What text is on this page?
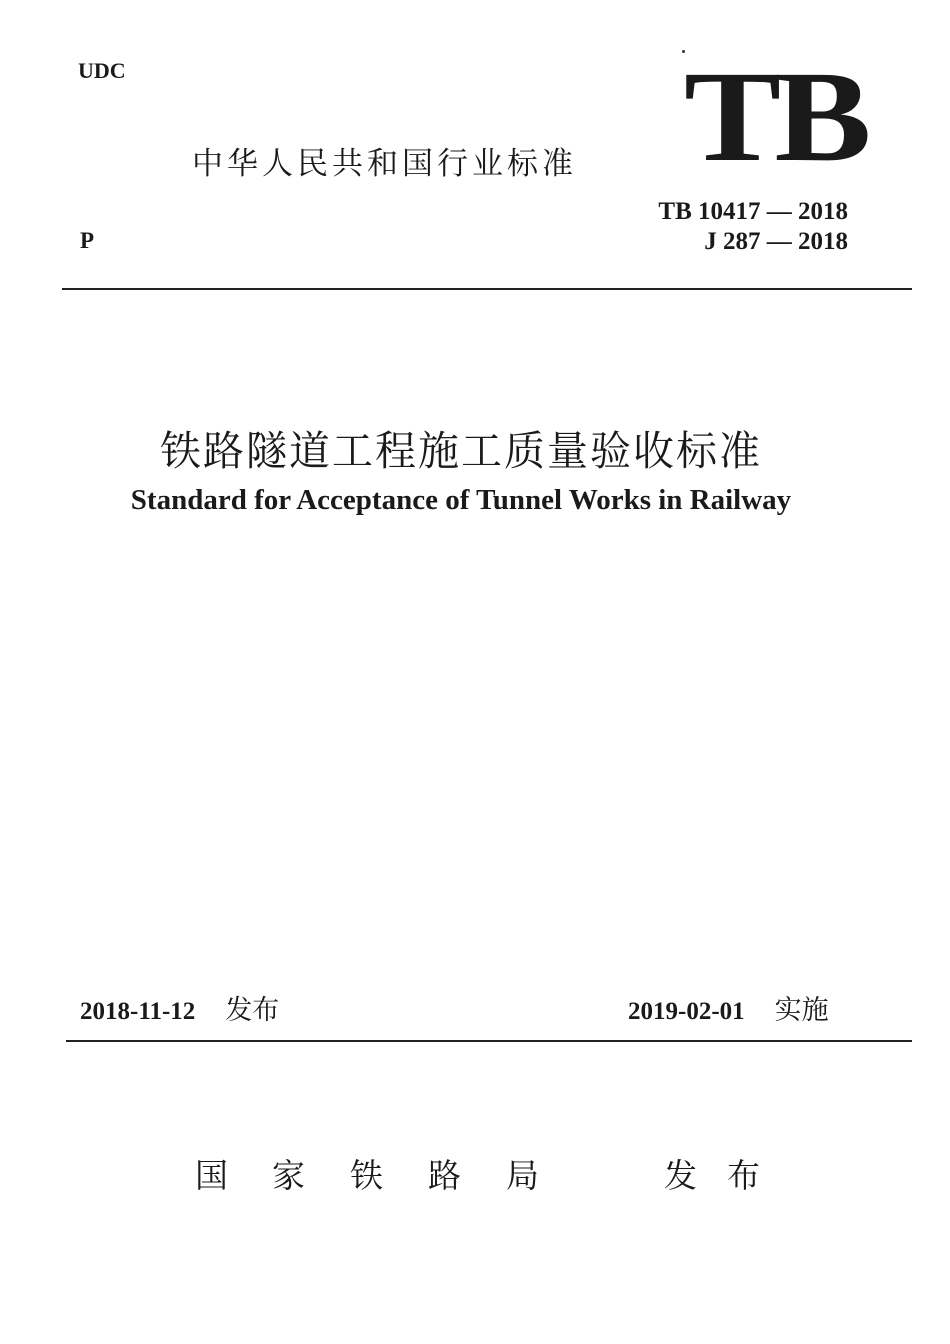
UDC
中华人民共和国行业标准 TB
P
TB 10417 — 2018
J 287 — 2018
铁路隧道工程施工质量验收标准
Standard for Acceptance of Tunnel Works in Railway
2018-11-12 发布	2019-02-01 实施
国 家 铁 路 局	发 布
